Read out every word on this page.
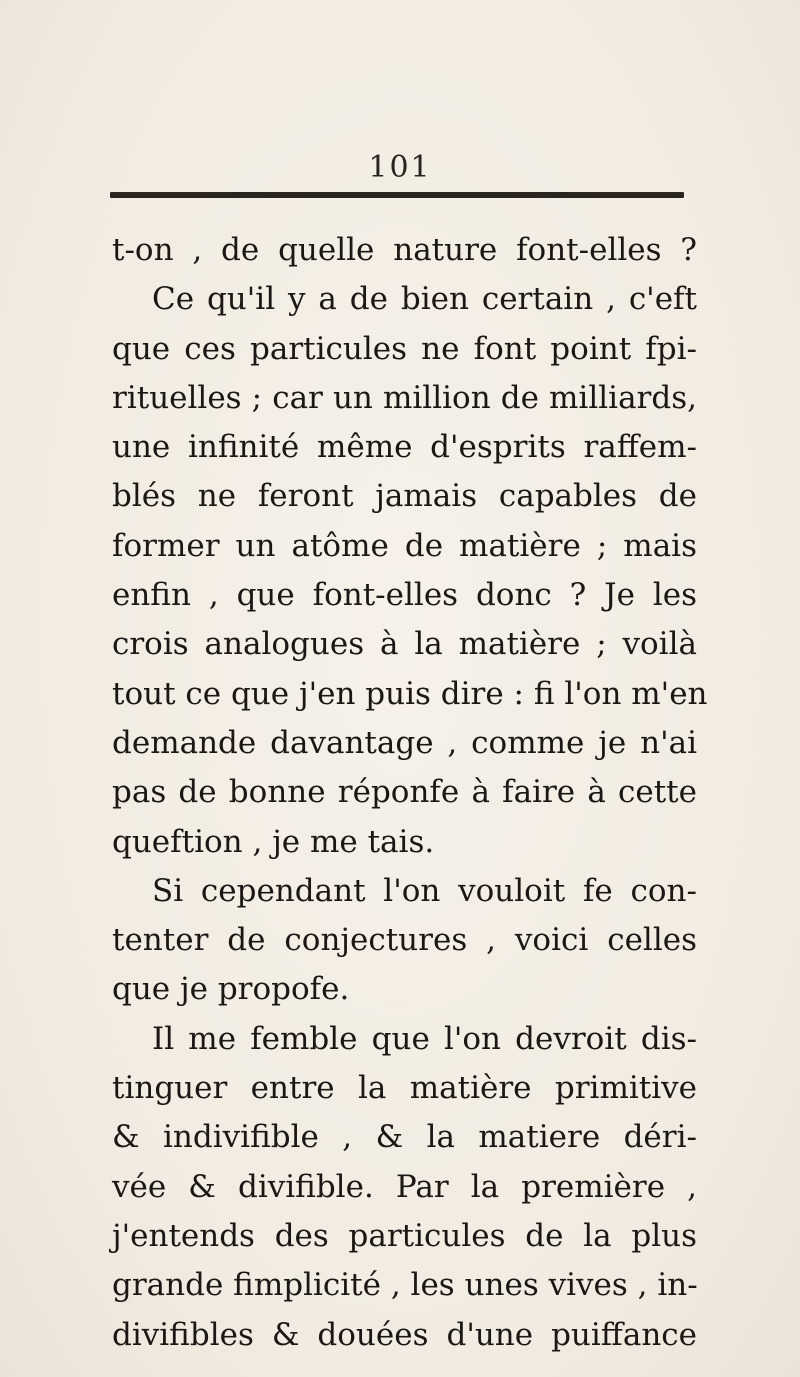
101
t-on , de quelle nature font-elles ?
Ce qu'il y a de bien certain , c'eft
que ces particules ne font point fpi-
rituelles ; car un million de milliards,
une infinité même d'esprits raffem-
blés ne feront jamais capables de
former un atôme de matière ; mais
enfin , que font-elles donc ? Je les
crois analogues à la matière ; voilà
tout ce que j'en puis dire : fi l'on m'en
demande davantage , comme je n'ai
pas de bonne réponfe à faire à cette
queftion , je me tais.
Si cependant l'on vouloit fe con-
tenter de conjectures , voici celles
que je propofe.
Il me femble que l'on devroit dis-
tinguer entre la matière primitive
& indivifible , & la matiere déri-
vée & divifible. Par la première ,
j'entends des particules de la plus
grande fimplicité , les unes vives , in-
divifibles & douées d'une puiffance
